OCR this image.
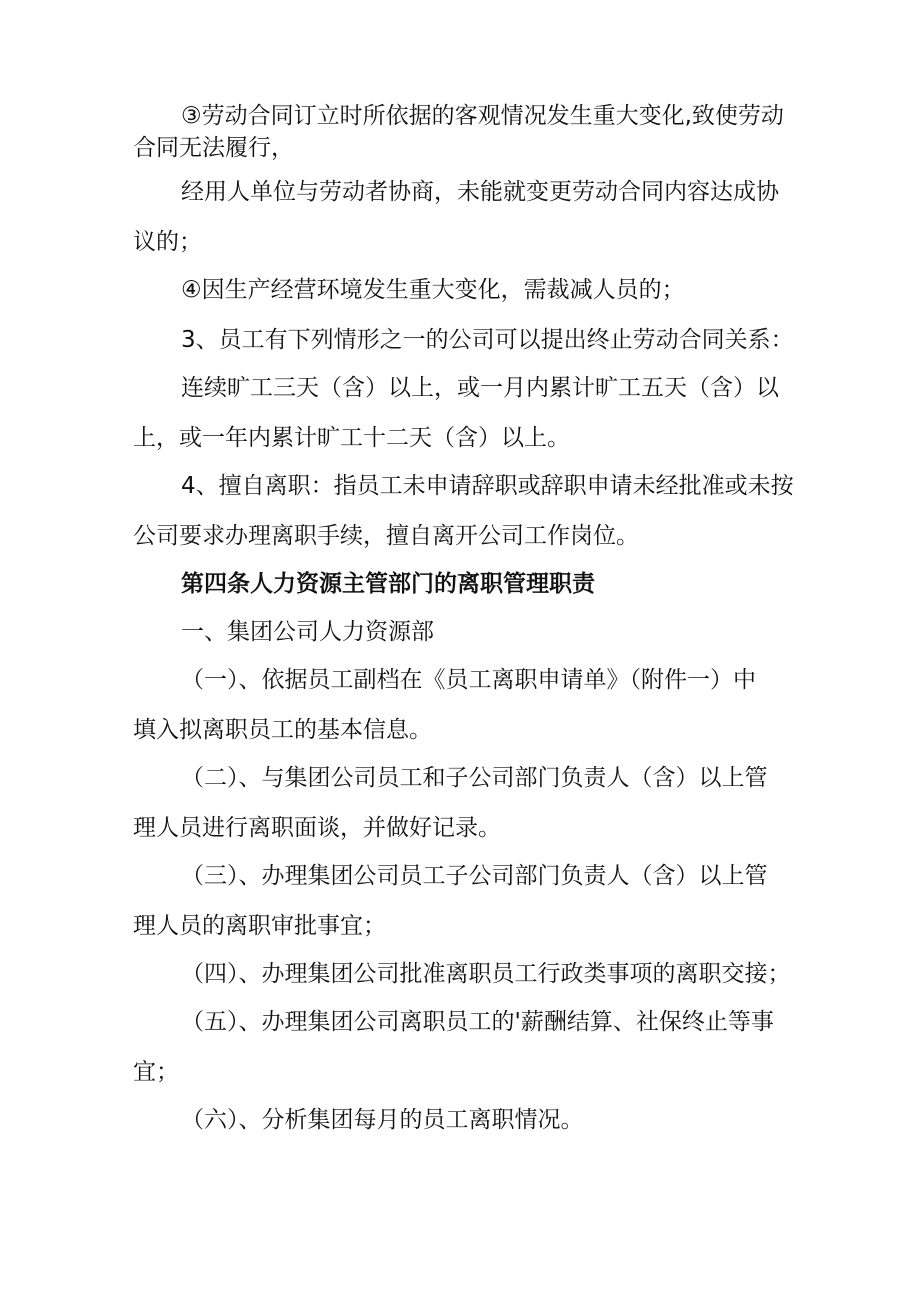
③劳动合同订立时所依据的客观情况发生重大变化,致使劳动

合同无法履行，

经用人单位与劳动者协商，未能就变更劳动合同内容达成协

议的；

④因生产经营环境发生重大变化，需裁减人员的；

3、员工有下列情形之一的公司可以提出终止劳动合同关系：

连续旷工三天（含）以上，或一月内累计旷工五天（含）以

上，或一年内累计旷工十二天（含）以上。

4、擅自离职：指员工未申请辞职或辞职申请未经批准或未按

公司要求办理离职手续，擅自离开公司工作岗位。

第四条人力资源主管部门的离职管理职责

一、集团公司人力资源部

（一）、依据员工副档在《员工离职申请单》（附件一）中

填入拟离职员工的基本信息。

（二）、与集团公司员工和子公司部门负责人（含）以上管

理人员进行离职面谈，并做好记录。

（三）、办理集团公司员工子公司部门负责人（含）以上管

理人员的离职审批事宜；

（四）、办理集团公司批准离职员工行政类事项的离职交接；

（五）、办理集团公司离职员工的'薪酬结算、社保终止等事

宜；

（六）、分析集团每月的员工离职情况。
